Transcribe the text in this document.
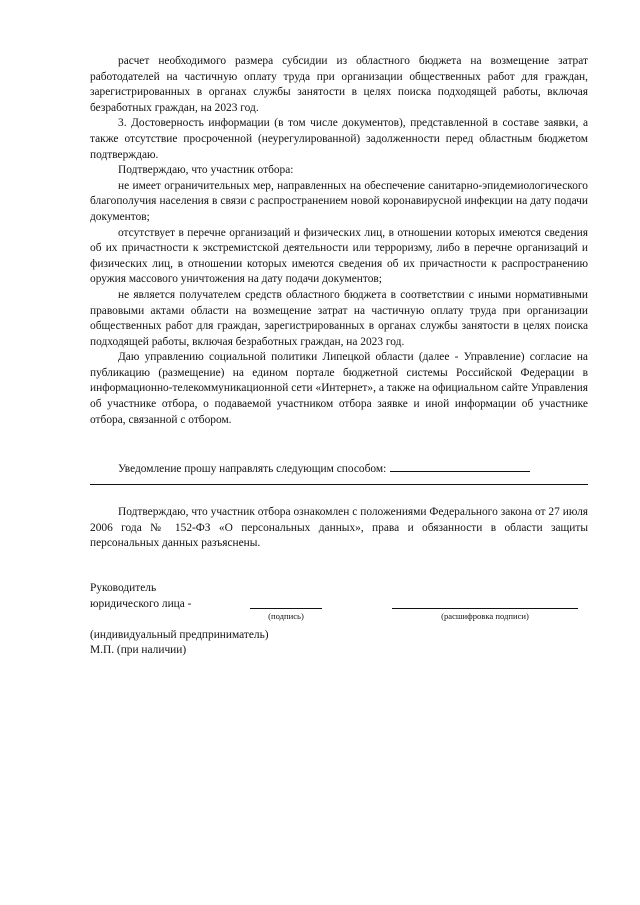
расчет необходимого размера субсидии из областного бюджета на возмещение затрат работодателей на частичную оплату труда при организации общественных работ для граждан, зарегистрированных в органах службы занятости в целях поиска подходящей работы, включая безработных граждан, на 2023 год.

3. Достоверность информации (в том числе документов), представленной в составе заявки, а также отсутствие просроченной (неурегулированной) задолженности перед областным бюджетом подтверждаю.

Подтверждаю, что участник отбора:

не имеет ограничительных мер, направленных на обеспечение санитарно-эпидемиологического благополучия населения в связи с распространением новой коронавирусной инфекции на дату подачи документов;

отсутствует в перечне организаций и физических лиц, в отношении которых имеются сведения об их причастности к экстремистской деятельности или терроризму, либо в перечне организаций и физических лиц, в отношении которых имеются сведения об их причастности к распространению оружия массового уничтожения на дату подачи документов;

не является получателем средств областного бюджета в соответствии с иными нормативными правовыми актами области на возмещение затрат на частичную оплату труда при организации общественных работ для граждан, зарегистрированных в органах службы занятости в целях поиска подходящей работы, включая безработных граждан, на 2023 год.

Даю управлению социальной политики Липецкой области (далее - Управление) согласие на публикацию (размещение) на едином портале бюджетной системы Российской Федерации в информационно-телекоммуникационной сети «Интернет», а также на официальном сайте Управления об участнике отбора, о подаваемой участником отбора заявке и иной информации об участнике отбора, связанной с отбором.

Уведомление прошу направлять следующим способом:

Подтверждаю, что участник отбора ознакомлен с положениями Федерального закона от 27 июля 2006 года № 152-ФЗ «О персональных данных», права и обязанности в области защиты персональных данных разъяснены.

Руководитель
юридического лица -
(индивидуальный предприниматель)
М.П. (при наличии)
(подпись)	(расшифровка подписи)
